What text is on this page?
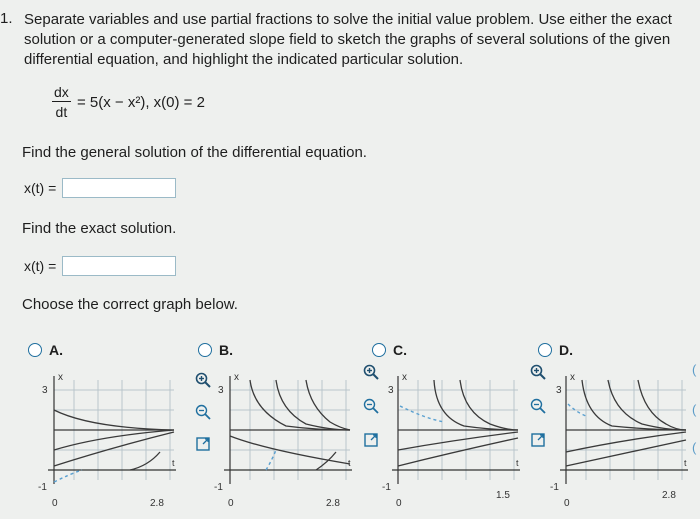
1. Separate variables and use partial fractions to solve the initial value problem. Use either the exact solution or a computer-generated slope field to sketch the graphs of several solutions of the given differential equation, and highlight the indicated particular solution.
$\frac{dx}{dt} = 5(x - x^2)$, x(0) = 2
Find the general solution of the differential equation.
x(t) =
Find the exact solution.
x(t) =
Choose the correct graph below.
A.
x
3
-1
0	2.8
t
B.
x
3
-1
0	2.8
t
C.
x
3
-1
0
1.5
t
D.
x
3
-1
0
2.8
t
(
(
(
